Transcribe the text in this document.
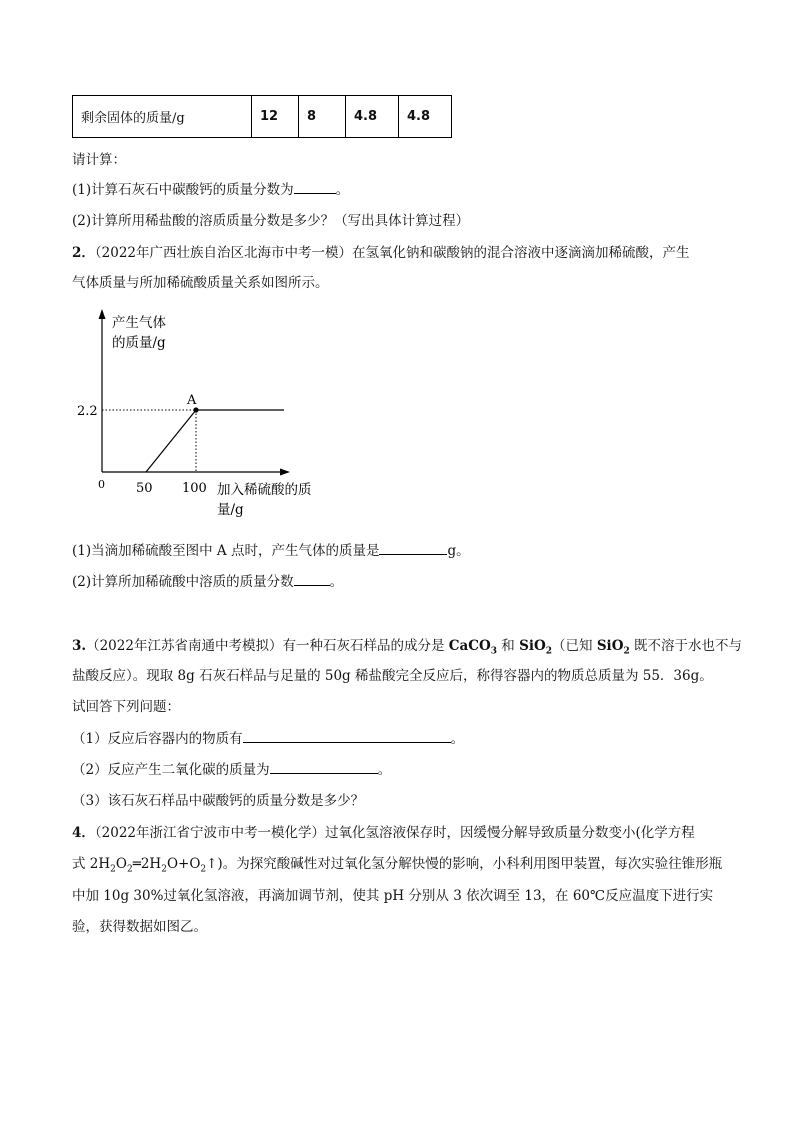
剩余固体的质量/g	12	8	4.8	4.8
请计算：
(1)计算石灰石中碳酸钙的质量分数为	。
(2)计算所用稀盐酸的溶质质量分数是多少？（写出具体计算过程）
2．（2022年广西壮族自治区北海市中考一模）在氢氧化钠和碳酸钠的混合溶液中逐滴滴加稀硫酸，产生
气体质量与所加稀硫酸质量关系如图所示。
产生气体
的质量/g
2.2
A
0 50 100 加入稀硫酸的质
量/g
(1)当滴加稀硫酸至图中 A 点时，产生气体的质量是	g。
(2)计算所加稀硫酸中溶质的质量分数	。
3.（2022年江苏省南通中考模拟）有一种石灰石样品的成分是 CaCO$_3$ 和 SiO$_2$（已知 SiO$_2$ 既不溶于水也不与
盐酸反应）。现取 8g 石灰石样品与足量的 50g 稀盐酸完全反应后，称得容器内的物质总质量为 55．36g。
试回答下列问题：
（1）反应后容器内的物质有	。
（2）反应产生二氧化碳的质量为	。
（3）该石灰石样品中碳酸钙的质量分数是多少？
4．（2022年浙江省宁波市中考一模化学）过氧化氢溶液保存时，因缓慢分解导致质量分数变小(化学方程
式 $2H_2O_2═2H_2O+O_2↑$)。为探究酸碱性对过氧化氢分解快慢的影响，小科利用图甲装置，每次实验往锥形瓶
中加 10g 30%过氧化氢溶液，再滴加调节剂，使其 pH 分别从 3 依次调至 13，在 60℃反应温度下进行实
验，获得数据如图乙。
